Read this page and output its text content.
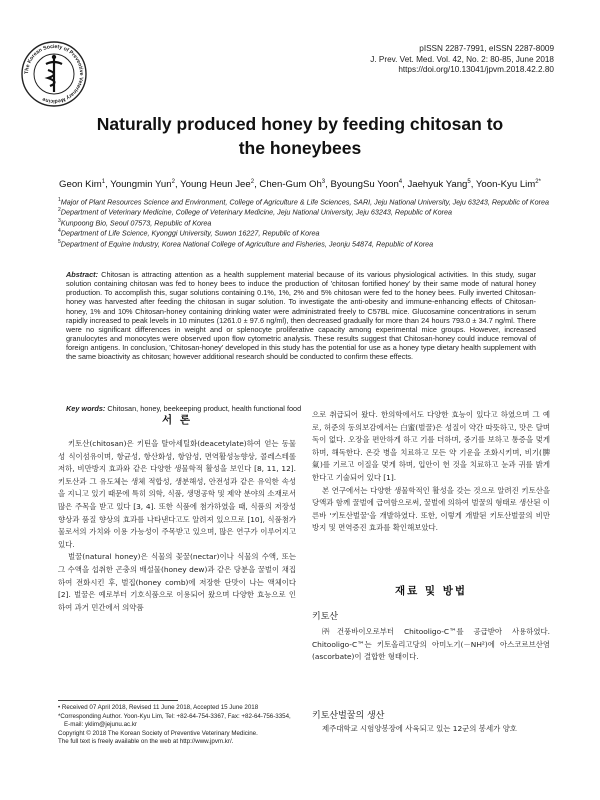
The Korean Society of Preventive Veterinary Medicine
pISSN 2287-7991, eISSN 2287-8009
J. Prev. Vet. Med. Vol. 42, No. 2: 80-85, June 2018
https://doi.org/10.13041/jpvm.2018.42.2.80
Naturally produced honey by feeding chitosan to the honeybees
Geon Kim$^1$, Youngmin Yun$^2$, Young Heun Jee$^2$, Chen-Gum Oh$^3$, ByoungSu Yoon$^4$, Jaehyuk Yang$^5$, Yoon-Kyu Lim$^{2*}$
$^1$Major of Plant Resources Science and Environment, College of Agriculture & Life Sciences, SARI, Jeju National University, Jeju 63243, Republic of Korea
$^2$Department of Veterinary Medicine, College of Veterinary Medicine, Jeju National University, Jeju 63243, Republic of Korea
$^3$Kunpoong Bio, Seoul 07573, Republic of Korea
$^4$Department of Life Science, Kyonggi University, Suwon 16227, Republic of Korea
$^5$Department of Equine Industry, Korea National College of Agriculture and Fisheries, Jeonju 54874, Republic of Korea
Abstract: Chitosan is attracting attention as a health supplement material because of its various physiological activities. In this study, sugar solution containing chitosan was fed to honey bees to induce the production of 'chitosan fortified honey' by their same mode of natural honey production. To accomplish this, sugar solutions containing 0.1%, 1%, 2% and 5% chitosan were fed to the honey bees. Fully inverted Chitosan-honey was harvested after feeding the chitosan in sugar solution. To investigate the anti-obesity and immune-enhancing effects of Chitosan-honey, 1% and 10% Chitosan-honey containing drinking water were administrated freely to C57BL mice. Glucosamine concentrations in serum rapidly increased to peak levels in 10 minutes (1261.0 ± 97.6 ng/ml), then decreased gradually for more than 24 hours 793.0 ± 34.7 ng/ml. There were no significant differences in weight and or splenocyte proliferative capacity among experimental mice groups. However, increased granulocytes and monocytes were observed upon flow cytometric analysis. These results suggest that Chitosan-honey could induce removal of foreign antigens. In conclusion, 'Chitosan-honey' developed in this study has the potential for use as a honey type dietary health supplement with the same bioactivity as chitosan; however additional research should be conducted to confirm these effects.
Key words: Chitosan, honey, beekeeping product, health functional food
서 론

키토산(chitosan)은 키틴을 탈아세틸화(deacetylate)하여 얻는 동물성 식이섬유이며, 항균성, 항산화성, 항암성, 면역활성능향상, 콜레스테롤 저하, 비만방지 효과와 같은 다양한 생물학적 활성을 보인다 [8, 11, 12]. 키토산과 그 유도체는 생체 적합성, 생분해성, 안전성과 같은 유익한 속성을 지니고 있기 때문에 특히 의학, 식품, 생명공학 및 제약 분야의 소재로서 많은 주목을 받고 있다 [3, 4]. 또한 식품에 첨가하였을 때, 식품의 저장성 향상과 품질 향상의 효과를 나타낸다고도 알려져 있으므로 [10], 식품첨가물로서의 가치와 이용 가능성이 주목받고 있으며, 많은 연구가 이루어지고 있다.

벌꿀(natural honey)은 식물의 꽃꿀(nectar)이나 식물의 수액, 또는 그 수액을 섭취한 곤충의 배설물(honey dew)과 같은 당분을 꿀벌이 채집하여 전화시킨 후, 벌집(honey comb)에 저장한 단맛이 나는 액체이다 [2]. 벌꿀은 예로부터 기호식품으로 이용되어 왔으며 다양한 효능으로 인하여 과거 민간에서 의약품

• Received 07 April 2018, Revised 11 June 2018, Accepted 15 June 2018
*Corresponding Author. Yoon-Kyu Lim, Tel: +82-64-754-3367, Fax: +82-64-756-3354,
E-mail: yklim@jejunu.ac.kr
Copyright © 2018 The Korean Society of Preventive Veterinary Medicine.
The full text is freely available on the web at http://www.jpvm.kr/.

으로 취급되어 왔다. 한의학에서도 다양한 효능이 있다고 하였으며 그 예로, 허준의 동의보감에서는 白蜜(벌꿀)은 성질이 약간 따뜻하고, 맛은 달며 독이 없다. 오장을 편안하게 하고 기를 더하며, 중기를 보하고 통증을 멎게 하며, 해독한다. 온갖 병을 치료하고 모든 약 기운을 조화시키며, 비기(脾氣)를 기르고 이질을 멎게 하며, 입안이 헌 것을 치료하고 눈과 귀를 밝게 한다고 기술되어 있다 [1].

본 연구에서는 다양한 생물학적인 활성을 갖는 것으로 알려진 키토산을 당액과 함께 꿀벌에 급여함으로써, 꿀벌에 의하여 벌꿀의 형태로 생산된 이른바 '키토산벌꿀'을 개발하였다. 또한, 이렇게 개발된 키토산벌꿀의 비만방지 및 면역증진 효과를 확인해보았다.

재료 및 방법
키토산

㈜건풍바이오로부터 Chitooligo-C™를 공급받아 사용하였다. Chitooligo-C™는 키토올리고당의 아미노기(－NH²)에 아스코르브산염(ascorbate)이 결합한 형태이다.

키토산벌꿀의 생산

제주대학교 시험양봉장에 사육되고 있는 12군의 봉세가 양호
